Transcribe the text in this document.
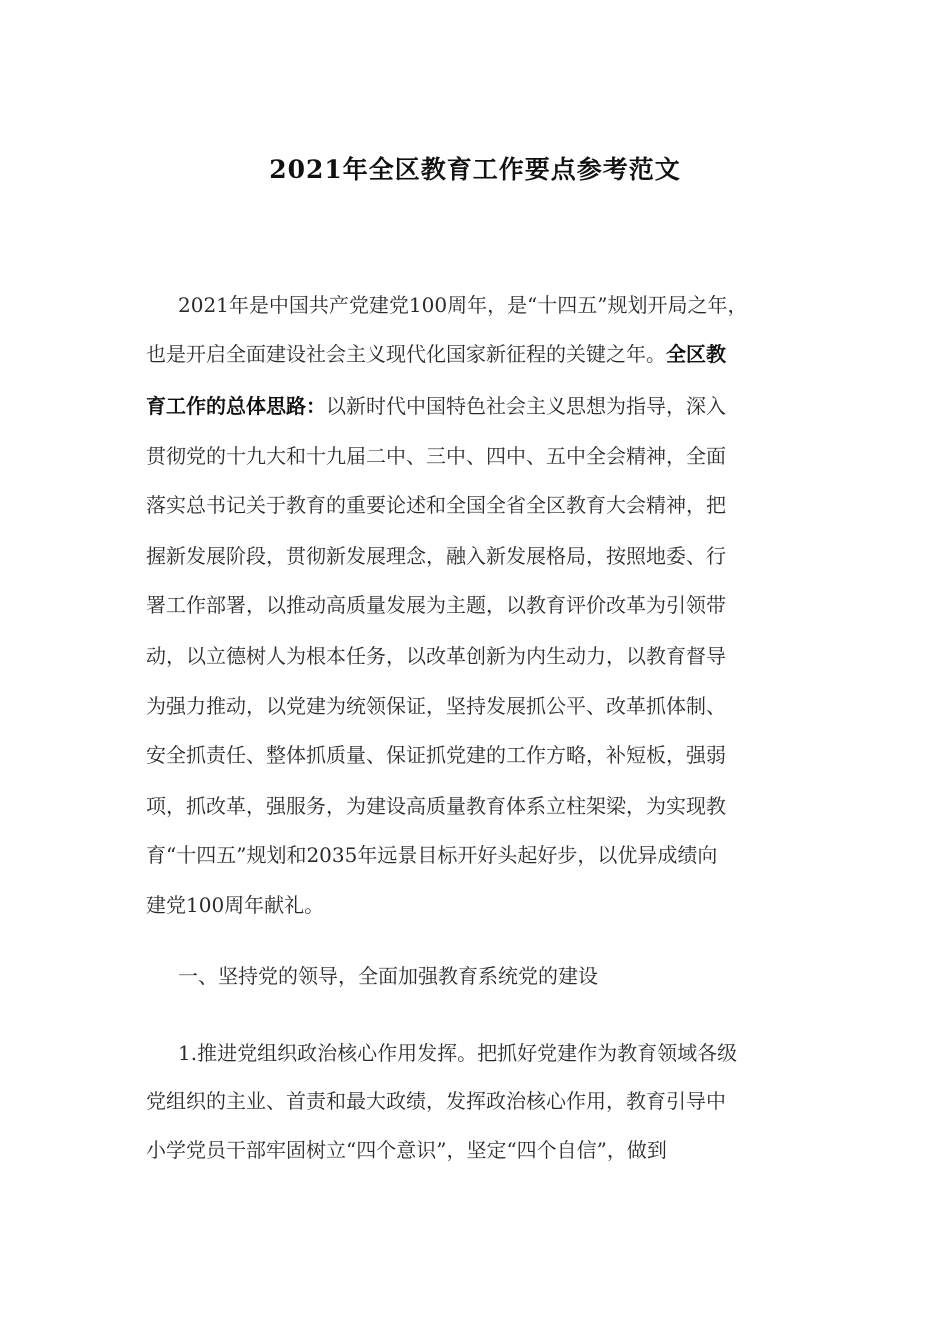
2021年全区教育工作要点参考范文
2021年是中国共产党建党100周年，是“十四五”规划开局之年，
也是开启全面建设社会主义现代化国家新征程的关键之年。全区教
育工作的总体思路：以新时代中国特色社会主义思想为指导，深入
贯彻党的十九大和十九届二中、三中、四中、五中全会精神，全面
落实总书记关于教育的重要论述和全国全省全区教育大会精神，把
握新发展阶段，贯彻新发展理念，融入新发展格局，按照地委、行
署工作部署，以推动高质量发展为主题，以教育评价改革为引领带
动，以立德树人为根本任务，以改革创新为内生动力，以教育督导
为强力推动，以党建为统领保证，坚持发展抓公平、改革抓体制、
安全抓责任、整体抓质量、保证抓党建的工作方略，补短板，强弱
项，抓改革，强服务，为建设高质量教育体系立柱架梁，为实现教
育“十四五”规划和2035年远景目标开好头起好步，以优异成绩向
建党100周年献礼。
一、坚持党的领导，全面加强教育系统党的建设
1.推进党组织政治核心作用发挥。把抓好党建作为教育领域各级
党组织的主业、首责和最大政绩，发挥政治核心作用，教育引导中
小学党员干部牢固树立“四个意识”，坚定“四个自信”，做到
